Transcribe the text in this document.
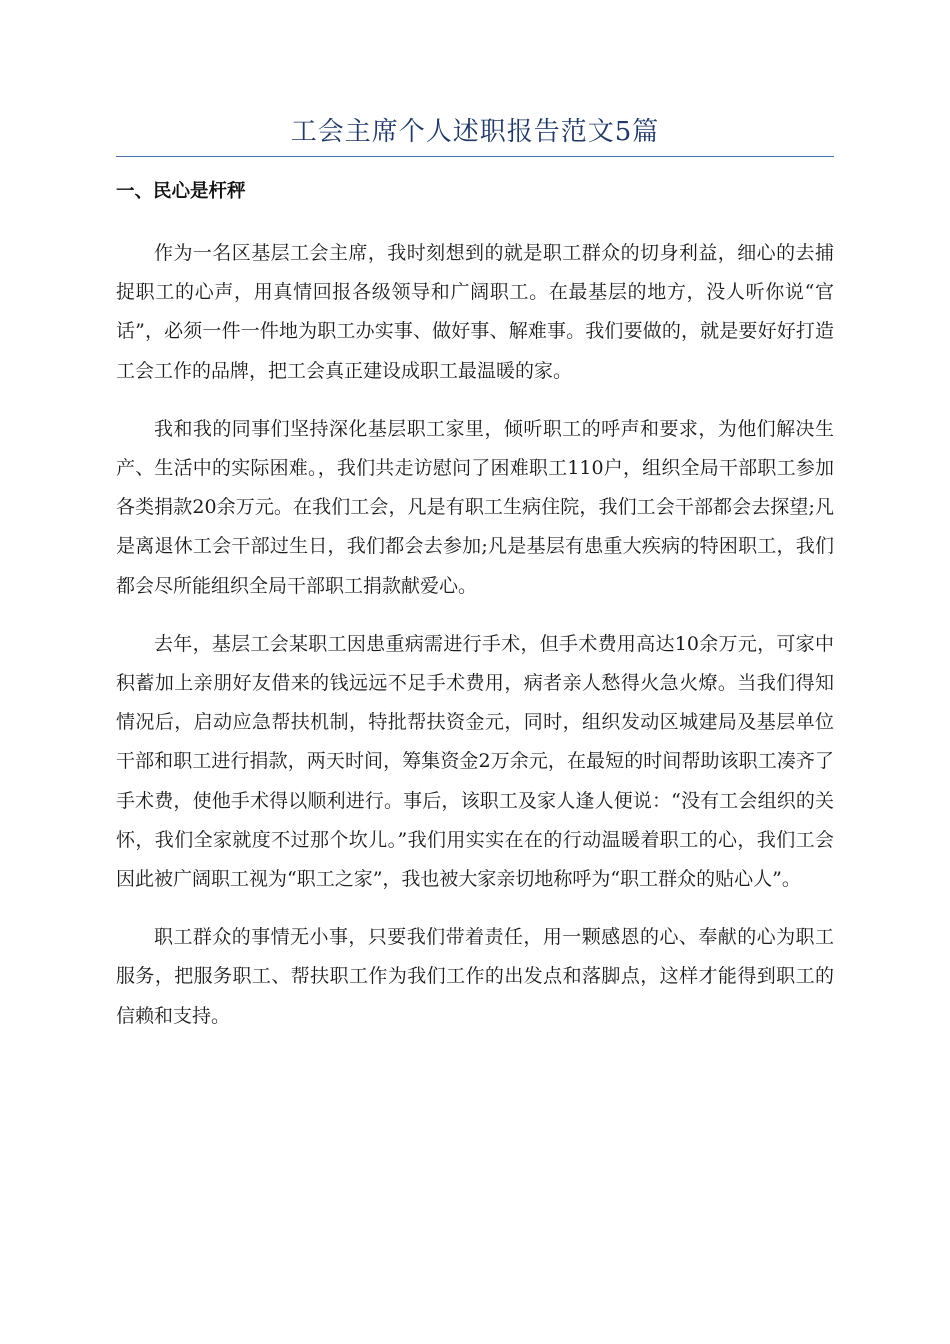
工会主席个人述职报告范文5篇
一、民心是杆秤

作为一名区基层工会主席，我时刻想到的就是职工群众的切身利益，细心的去捕捉职工的心声，用真情回报各级领导和广阔职工。在最基层的地方，没人听你说“官话”，必须一件一件地为职工办实事、做好事、解难事。我们要做的，就是要好好打造工会工作的品牌，把工会真正建设成职工最温暖的家。

我和我的同事们坚持深化基层职工家里，倾听职工的呼声和要求，为他们解决生产、生活中的实际困难。，我们共走访慰问了困难职工110户，组织全局干部职工参加各类捐款20余万元。在我们工会，凡是有职工生病住院，我们工会干部都会去探望;凡是离退休工会干部过生日，我们都会去参加;凡是基层有患重大疾病的特困职工，我们都会尽所能组织全局干部职工捐款献爱心。

去年，基层工会某职工因患重病需进行手术，但手术费用高达10余万元，可家中积蓄加上亲朋好友借来的钱远远不足手术费用，病者亲人愁得火急火燎。当我们得知情况后，启动应急帮扶机制，特批帮扶资金元，同时，组织发动区城建局及基层单位干部和职工进行捐款，两天时间，筹集资金2万余元，在最短的时间帮助该职工凑齐了手术费，使他手术得以顺利进行。事后，该职工及家人逢人便说：“没有工会组织的关怀，我们全家就度不过那个坎儿。”我们用实实在在的行动温暖着职工的心，我们工会因此被广阔职工视为“职工之家”，我也被大家亲切地称呼为“职工群众的贴心人”。

职工群众的事情无小事，只要我们带着责任，用一颗感恩的心、奉献的心为职工服务，把服务职工、帮扶职工作为我们工作的出发点和落脚点，这样才能得到职工的信赖和支持。
